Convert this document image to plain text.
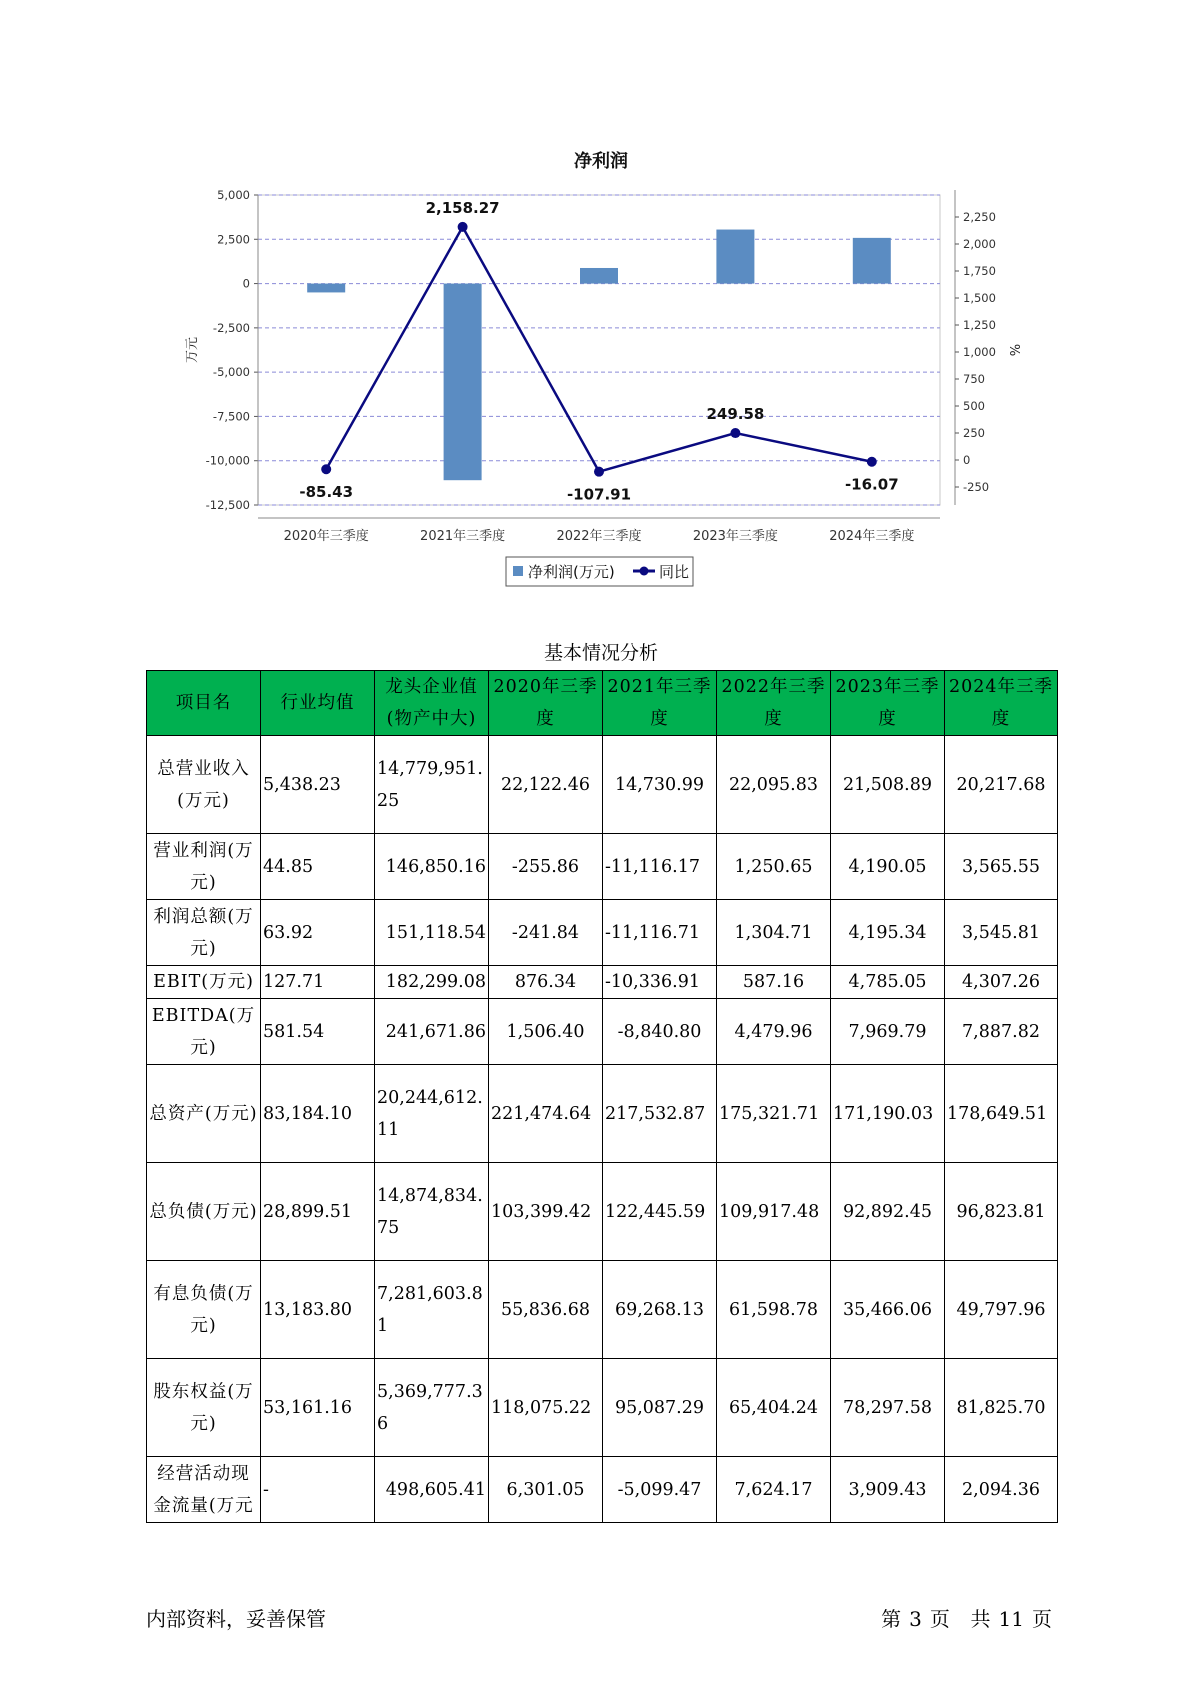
5,000
2,500
0
-2,500
-5,000
-7,500
-10,000
-12,500
万元
2,250
2,000
1,750
1,500
1,250
1,000
750
500
250
0
-250
%
2020年三季度	2021年三季度	2022年三季度	2023年三季度	2024年三季度
-85.43
2,158.27
-107.91
249.58
-16.07
净利润
净利润(万元)	同比
基本情况分析
项目名	行业均值	龙头企业值(物产中大)	2020年三季度	2021年三季度	2022年三季度	2023年三季度	2024年三季度
总营业收入(万元)	5,438.23	14,779,951.25	22,122.46	14,730.99	22,095.83	21,508.89	20,217.68
营业利润(万元)	44.85	146,850.16	-255.86	-11,116.17	1,250.65	4,190.05	3,565.55
利润总额(万元)	63.92	151,118.54	-241.84	-11,116.71	1,304.71	4,195.34	3,545.81
EBIT(万元)	127.71	182,299.08	876.34	-10,336.91	587.16	4,785.05	4,307.26
EBITDA(万元)	581.54	241,671.86	1,506.40	-8,840.80	4,479.96	7,969.79	7,887.82
总资产(万元)	83,184.10	20,244,612.11	221,474.64	217,532.87	175,321.71	171,190.03	178,649.51
总负债(万元)	28,899.51	14,874,834.75	103,399.42	122,445.59	109,917.48	92,892.45	96,823.81
有息负债(万元)	13,183.80	7,281,603.81	55,836.68	69,268.13	61,598.78	35,466.06	49,797.96
股东权益(万元)	53,161.16	5,369,777.36	118,075.22	95,087.29	65,404.24	78,297.58	81,825.70
经营活动现金流量(万元	-	498,605.41	6,301.05	-5,099.47	7,624.17	3,909.43	2,094.36
内部资料，妥善保管	第 3 页 共 11 页
